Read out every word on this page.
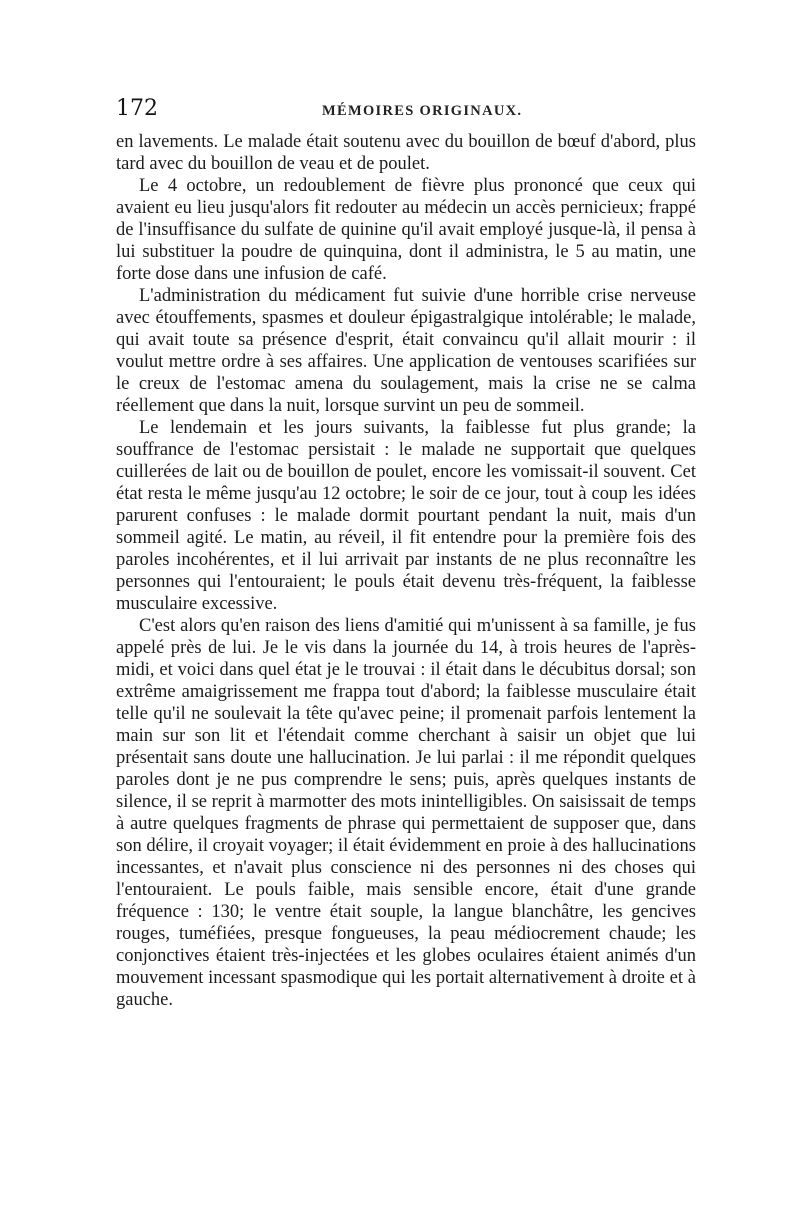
172	MÉMOIRES ORIGINAUX.

en lavements. Le malade était soutenu avec du bouillon de bœuf d'abord, plus tard avec du bouillon de veau et de poulet.

Le 4 octobre, un redoublement de fièvre plus prononcé que ceux qui avaient eu lieu jusqu'alors fit redouter au médecin un accès pernicieux; frappé de l'insuffisance du sulfate de quinine qu'il avait employé jusque-là, il pensa à lui substituer la poudre de quinquina, dont il administra, le 5 au matin, une forte dose dans une infusion de café.

L'administration du médicament fut suivie d'une horrible crise nerveuse avec étouffements, spasmes et douleur épigastralgique intolérable; le malade, qui avait toute sa présence d'esprit, était convaincu qu'il allait mourir : il voulut mettre ordre à ses affaires. Une application de ventouses scarifiées sur le creux de l'estomac amena du soulagement, mais la crise ne se calma réellement que dans la nuit, lorsque survint un peu de sommeil.

Le lendemain et les jours suivants, la faiblesse fut plus grande; la souffrance de l'estomac persistait : le malade ne supportait que quelques cuillerées de lait ou de bouillon de poulet, encore les vomissait-il souvent. Cet état resta le même jusqu'au 12 octobre; le soir de ce jour, tout à coup les idées parurent confuses : le malade dormit pourtant pendant la nuit, mais d'un sommeil agité. Le matin, au réveil, il fit entendre pour la première fois des paroles incohérentes, et il lui arrivait par instants de ne plus reconnaître les personnes qui l'entouraient; le pouls était devenu très-fréquent, la faiblesse musculaire excessive.

C'est alors qu'en raison des liens d'amitié qui m'unissent à sa famille, je fus appelé près de lui. Je le vis dans la journée du 14, à trois heures de l'après-midi, et voici dans quel état je le trouvai : il était dans le décubitus dorsal; son extrême amaigrissement me frappa tout d'abord; la faiblesse musculaire était telle qu'il ne soulevait la tête qu'avec peine; il promenait parfois lentement la main sur son lit et l'étendait comme cherchant à saisir un objet que lui présentait sans doute une hallucination. Je lui parlai : il me répondit quelques paroles dont je ne pus comprendre le sens; puis, après quelques instants de silence, il se reprit à marmotter des mots inintelligibles. On saisissait de temps à autre quelques fragments de phrase qui permettaient de supposer que, dans son délire, il croyait voyager; il était évidemment en proie à des hallucinations incessantes, et n'avait plus conscience ni des personnes ni des choses qui l'entouraient. Le pouls faible, mais sensible encore, était d'une grande fréquence : 130; le ventre était souple, la langue blanchâtre, les gencives rouges, tuméfiées, presque fongueuses, la peau médiocrement chaude; les conjonctives étaient très-injectées et les globes oculaires étaient animés d'un mouvement incessant spasmodique qui les portait alternativement à droite et à gauche.
